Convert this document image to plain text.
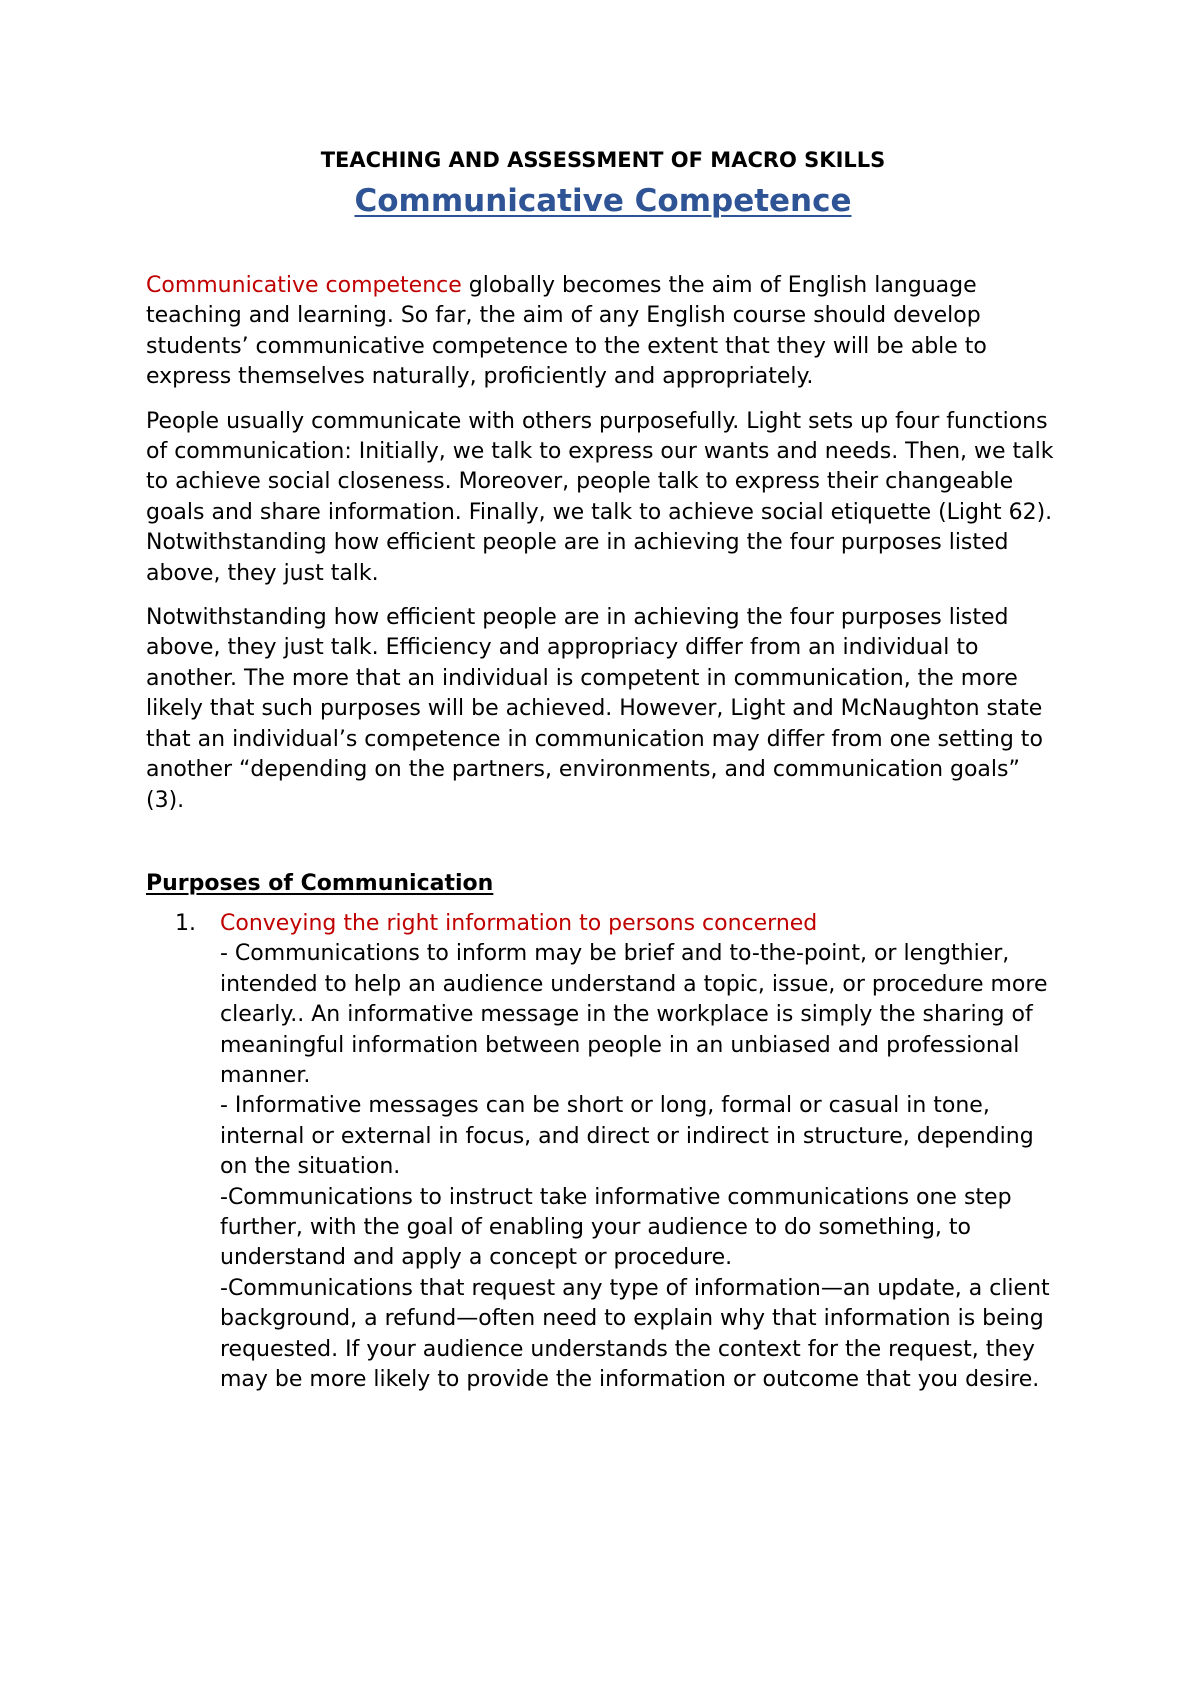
TEACHING AND ASSESSMENT OF MACRO SKILLS
Communicative Competence

Communicative competence globally becomes the aim of English language teaching and learning. So far, the aim of any English course should develop students’ communicative competence to the extent that they will be able to express themselves naturally, proficiently and appropriately.

People usually communicate with others purposefully. Light sets up four functions of communication: Initially, we talk to express our wants and needs. Then, we talk to achieve social closeness. Moreover, people talk to express their changeable goals and share information. Finally, we talk to achieve social etiquette (Light 62). Notwithstanding how efficient people are in achieving the four purposes listed above, they just talk.

Notwithstanding how efficient people are in achieving the four purposes listed above, they just talk. Efficiency and appropriacy differ from an individual to another. The more that an individual is competent in communication, the more likely that such purposes will be achieved. However, Light and McNaughton state that an individual’s competence in communication may differ from one setting to another “depending on the partners, environments, and communication goals” (3).

Purposes of Communication
1. Conveying the right information to persons concerned
- Communications to inform may be brief and to-the-point, or lengthier, intended to help an audience understand a topic, issue, or procedure more clearly.. An informative message in the workplace is simply the sharing of meaningful information between people in an unbiased and professional manner.
- Informative messages can be short or long, formal or casual in tone, internal or external in focus, and direct or indirect in structure, depending on the situation.
-Communications to instruct take informative communications one step further, with the goal of enabling your audience to do something, to understand and apply a concept or procedure.
-Communications that request any type of information—an update, a client background, a refund—often need to explain why that information is being requested. If your audience understands the context for the request, they may be more likely to provide the information or outcome that you desire.
